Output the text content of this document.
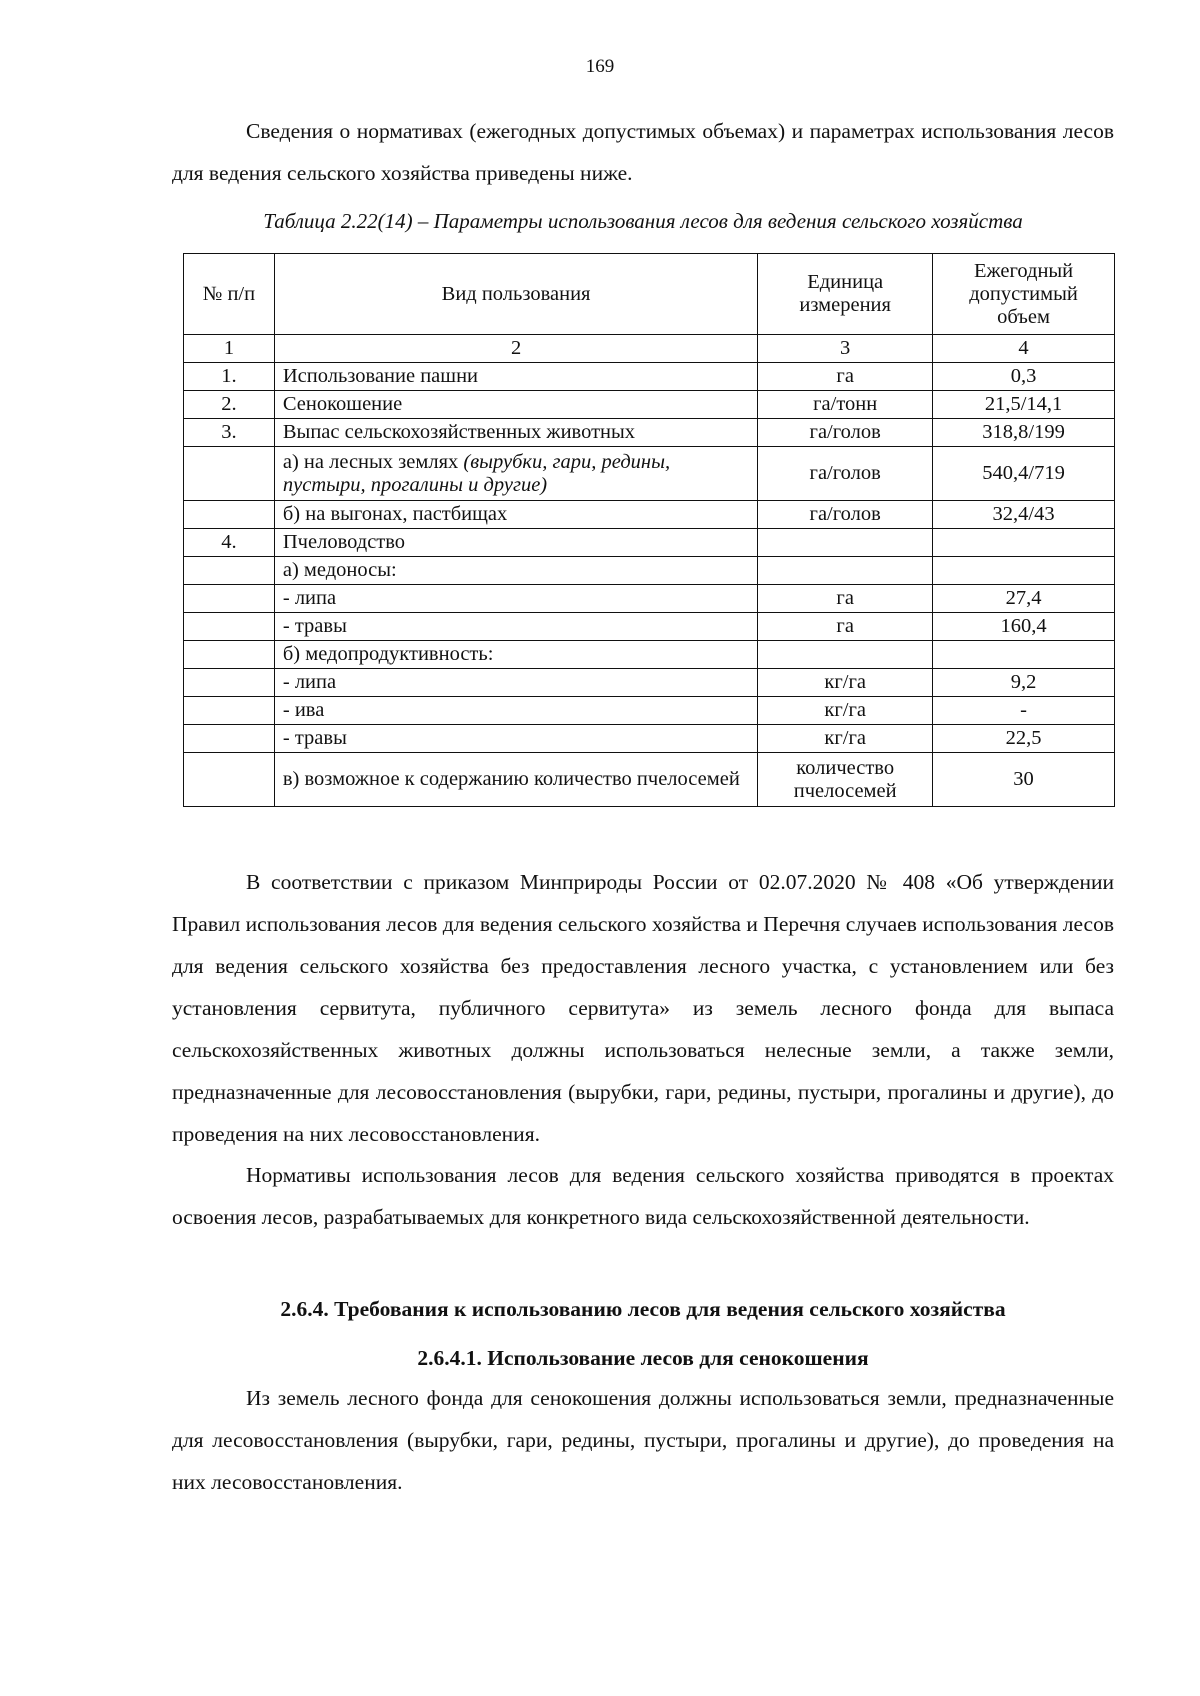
169

Сведения о нормативах (ежегодных допустимых объемах) и параметрах использования лесов для ведения сельского хозяйства приведены ниже.

Таблица 2.22(14) – Параметры использования лесов для ведения сельского хозяйства

№ п/п	Вид пользования	Единица измерения	Ежегодный допустимый объем
1	2	3	4
1.	Использование пашни	га	0,3
2.	Сенокошение	га/тонн	21,5/14,1
3.	Выпас сельскохозяйственных животных	га/голов	318,8/199
	а) на лесных землях (вырубки, гари, редины, пустыри, прогалины и другие)	га/голов	540,4/719
	б) на выгонах, пастбищах	га/голов	32,4/43
4.	Пчеловодство		
	а) медоносы:		
	- липа	га	27,4
	- травы	га	160,4
	б) медопродуктивность:		
	- липа	кг/га	9,2
	- ива	кг/га	-
	- травы	кг/га	22,5
	в) возможное к содержанию количество пчелосемей	количество пчелосемей	30

В соответствии с приказом Минприроды России от 02.07.2020 № 408 «Об утверждении Правил использования лесов для ведения сельского хозяйства и Перечня случаев использования лесов для ведения сельского хозяйства без предоставления лесного участка, с установлением или без установления сервитута, публичного сервитута» из земель лесного фонда для выпаса сельскохозяйственных животных должны использоваться нелесные земли, а также земли, предназначенные для лесовосстановления (вырубки, гари, редины, пустыри, прогалины и другие), до проведения на них лесовосстановления.

Нормативы использования лесов для ведения сельского хозяйства приводятся в проектах освоения лесов, разрабатываемых для конкретного вида сельскохозяйственной деятельности.

2.6.4. Требования к использованию лесов для ведения сельского хозяйства

2.6.4.1. Использование лесов для сенокошения

Из земель лесного фонда для сенокошения должны использоваться земли, предназначенные для лесовосстановления (вырубки, гари, редины, пустыри, прогалины и другие), до проведения на них лесовосстановления.
